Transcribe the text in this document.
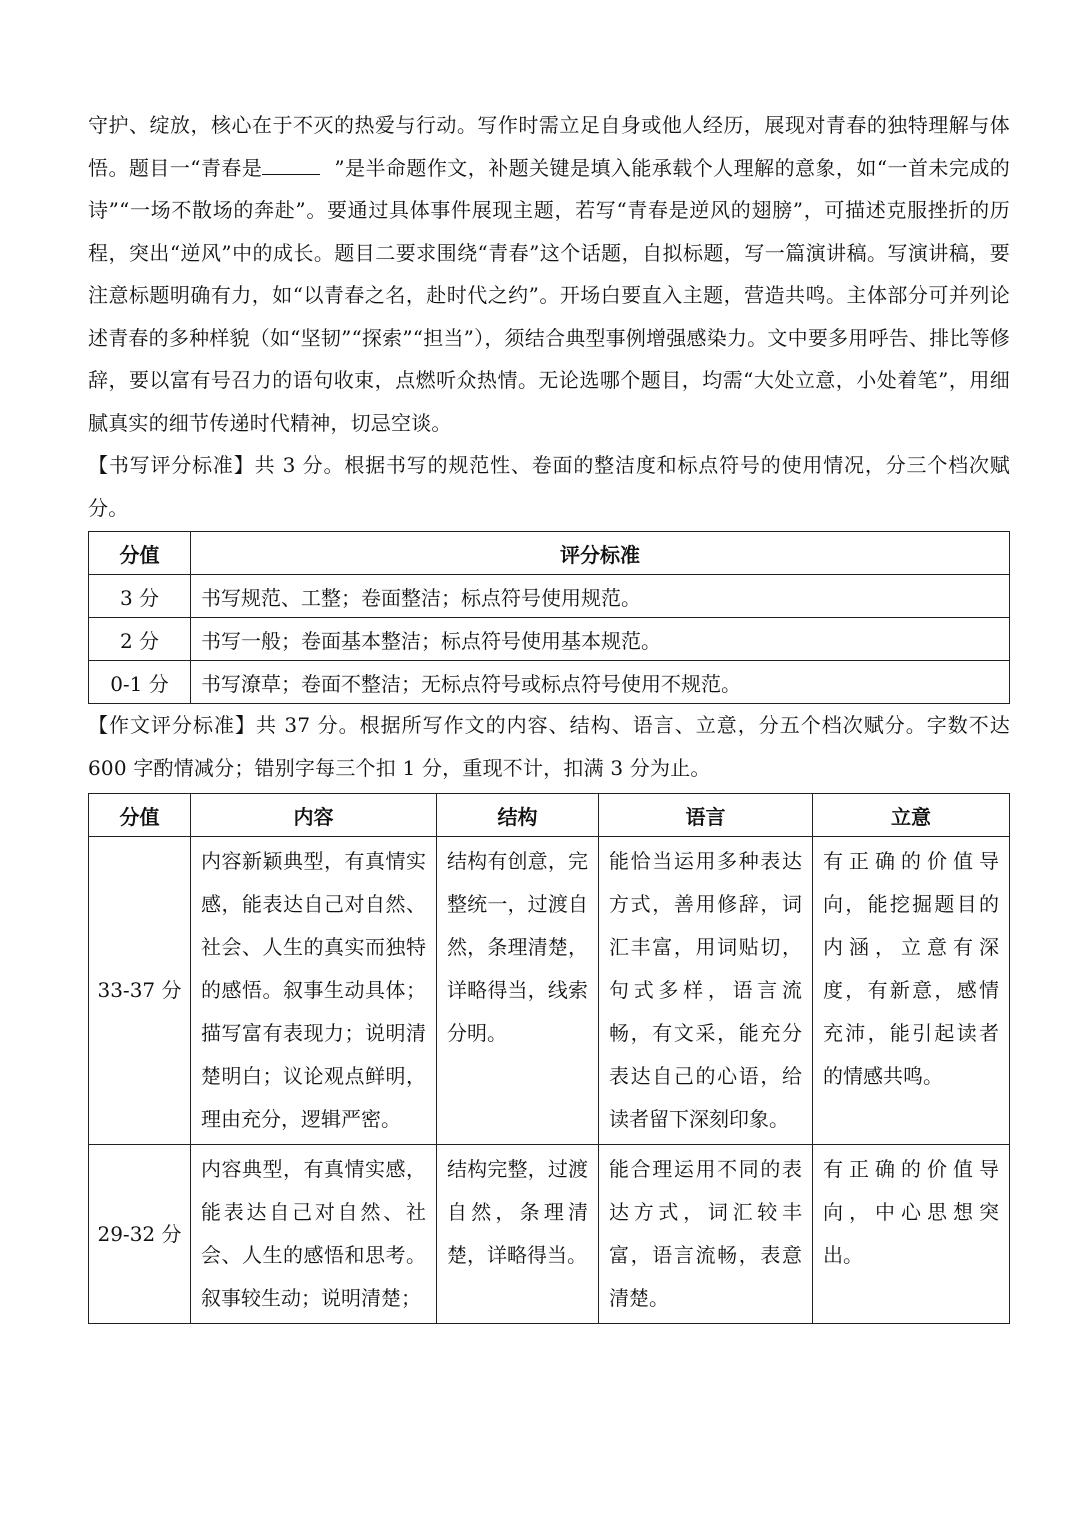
守护、绽放，核心在于不灭的热爱与行动。写作时需立足自身或他人经历，展现对青春的独特理解与体悟。题目一“青春是	”是半命题作文，补题关键是填入能承载个人理解的意象，如“一首未完成的诗”“一场不散场的奔赴”。要通过具体事件展现主题，若写“青春是逆风的翅膀”，可描述克服挫折的历程，突出“逆风”中的成长。题目二要求围绕“青春”这个话题，自拟标题，写一篇演讲稿。写演讲稿，要注意标题明确有力，如“以青春之名，赴时代之约”。开场白要直入主题，营造共鸣。主体部分可并列论述青春的多种样貌（如“坚韧”“探索”“担当”），须结合典型事例增强感染力。文中要多用呼告、排比等修辞，要以富有号召力的语句收束，点燃听众热情。无论选哪个题目，均需“大处立意，小处着笔”，用细腻真实的细节传递时代精神，切忌空谈。

【书写评分标准】共 3 分。根据书写的规范性、卷面的整洁度和标点符号的使用情况，分三个档次赋分。

分值	评分标准
3 分	书写规范、工整；卷面整洁；标点符号使用规范。
2 分	书写一般；卷面基本整洁；标点符号使用基本规范。
0-1 分	书写潦草；卷面不整洁；无标点符号或标点符号使用不规范。

【作文评分标准】共 37 分。根据所写作文的内容、结构、语言、立意，分五个档次赋分。字数不达 600 字酌情减分；错别字每三个扣 1 分，重现不计，扣满 3 分为止。

分值	内容	结构	语言	立意
33-37 分	内容新颖典型，有真情实感，能表达自己对自然、社会、人生的真实而独特的感悟。叙事生动具体；描写富有表现力；说明清楚明白；议论观点鲜明，理由充分，逻辑严密。	结构有创意，完整统一，过渡自然，条理清楚，详略得当，线索分明。	能恰当运用多种表达方式，善用修辞，词汇丰富，用词贴切，句式多样，语言流畅，有文采，能充分表达自己的心语，给读者留下深刻印象。	有正确的价值导向，能挖掘题目的内涵，立意有深度，有新意，感情充沛，能引起读者的情感共鸣。
29-32 分	内容典型，有真情实感，能表达自己对自然、社会、人生的感悟和思考。叙事较生动；说明清楚；	结构完整，过渡自然，条理清楚，详略得当。	能合理运用不同的表达方式，词汇较丰富，语言流畅，表意清楚。	有正确的价值导向，中心思想突出。
